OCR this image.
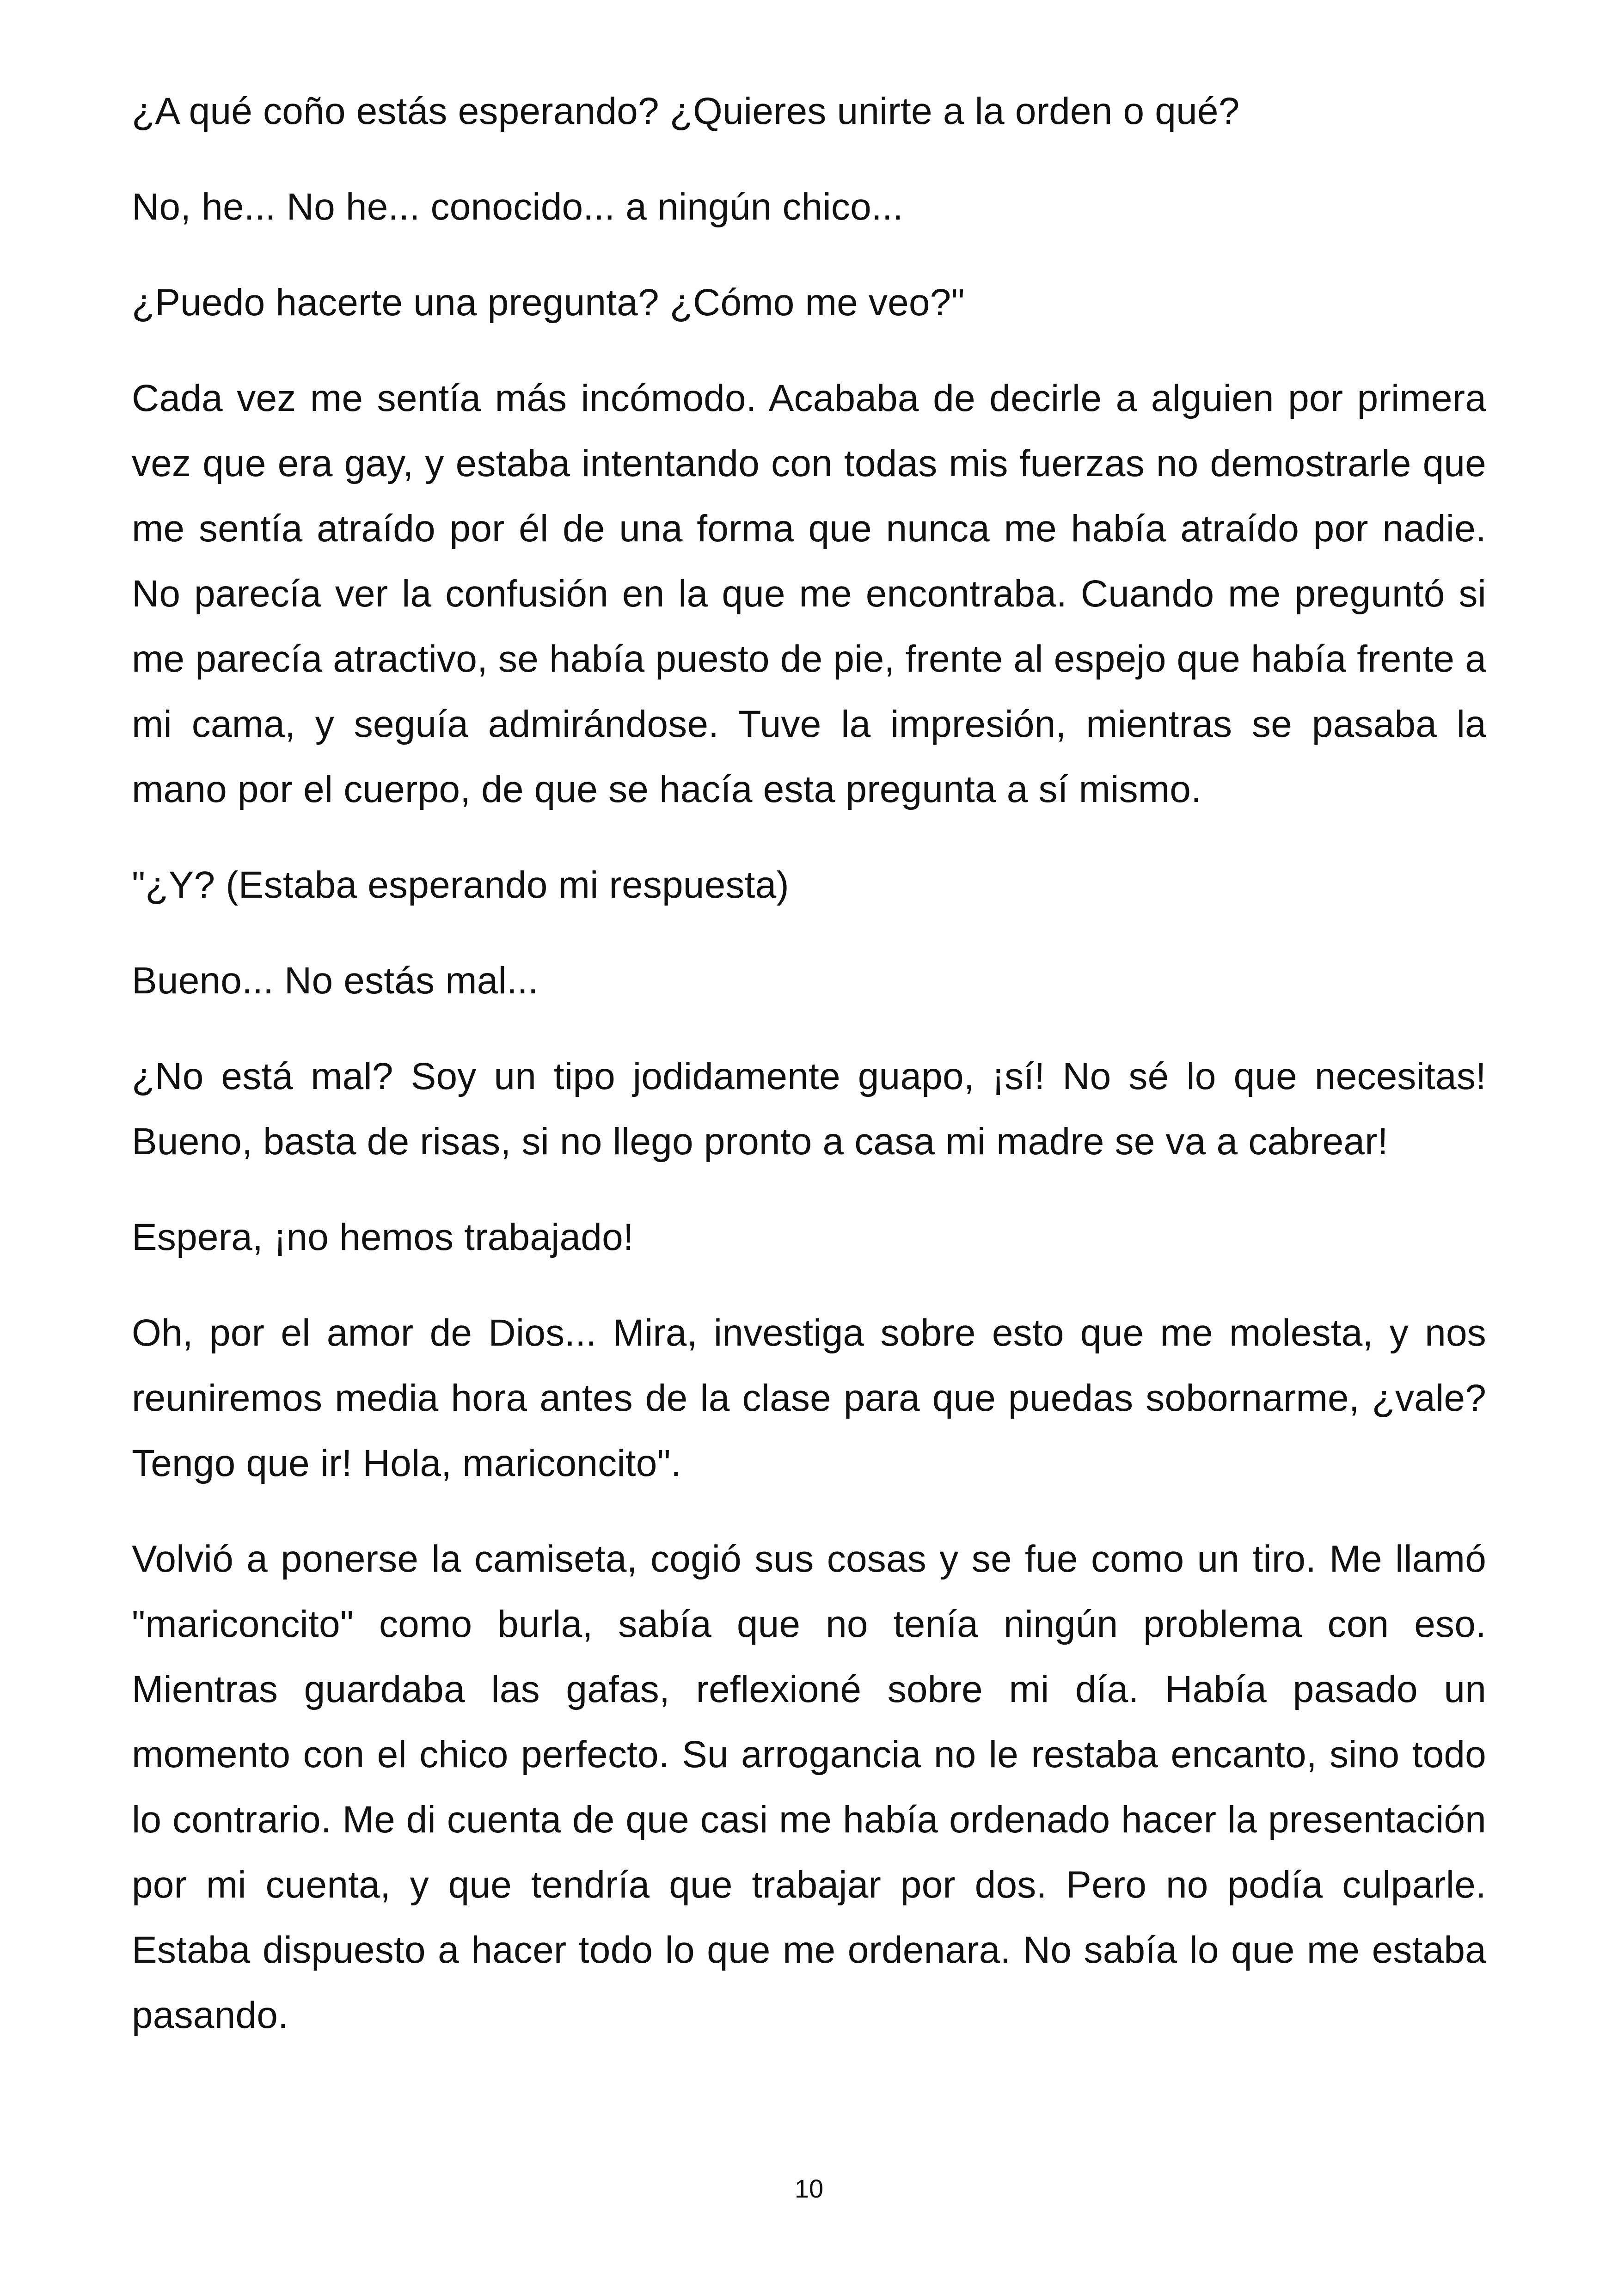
¿A qué coño estás esperando? ¿Quieres unirte a la orden o qué?

No, he... No he... conocido... a ningún chico...

¿Puedo hacerte una pregunta? ¿Cómo me veo?"

Cada vez me sentía más incómodo. Acababa de decirle a alguien por primera vez que era gay, y estaba intentando con todas mis fuerzas no demostrarle que me sentía atraído por él de una forma que nunca me había atraído por nadie. No parecía ver la confusión en la que me encontraba. Cuando me preguntó si me parecía atractivo, se había puesto de pie, frente al espejo que había frente a mi cama, y seguía admirándose. Tuve la impresión, mientras se pasaba la mano por el cuerpo, de que se hacía esta pregunta a sí mismo.

"¿Y? (Estaba esperando mi respuesta)

Bueno... No estás mal...

¿No está mal? Soy un tipo jodidamente guapo, ¡sí! No sé lo que necesitas! Bueno, basta de risas, si no llego pronto a casa mi madre se va a cabrear!

Espera, ¡no hemos trabajado!

Oh, por el amor de Dios... Mira, investiga sobre esto que me molesta, y nos reuniremos media hora antes de la clase para que puedas sobornarme, ¿vale? Tengo que ir! Hola, mariconcito".

Volvió a ponerse la camiseta, cogió sus cosas y se fue como un tiro. Me llamó "mariconcito" como burla, sabía que no tenía ningún problema con eso. Mientras guardaba las gafas, reflexioné sobre mi día. Había pasado un momento con el chico perfecto. Su arrogancia no le restaba encanto, sino todo lo contrario. Me di cuenta de que casi me había ordenado hacer la presentación por mi cuenta, y que tendría que trabajar por dos. Pero no podía culparle. Estaba dispuesto a hacer todo lo que me ordenara. No sabía lo que me estaba pasando.

10
